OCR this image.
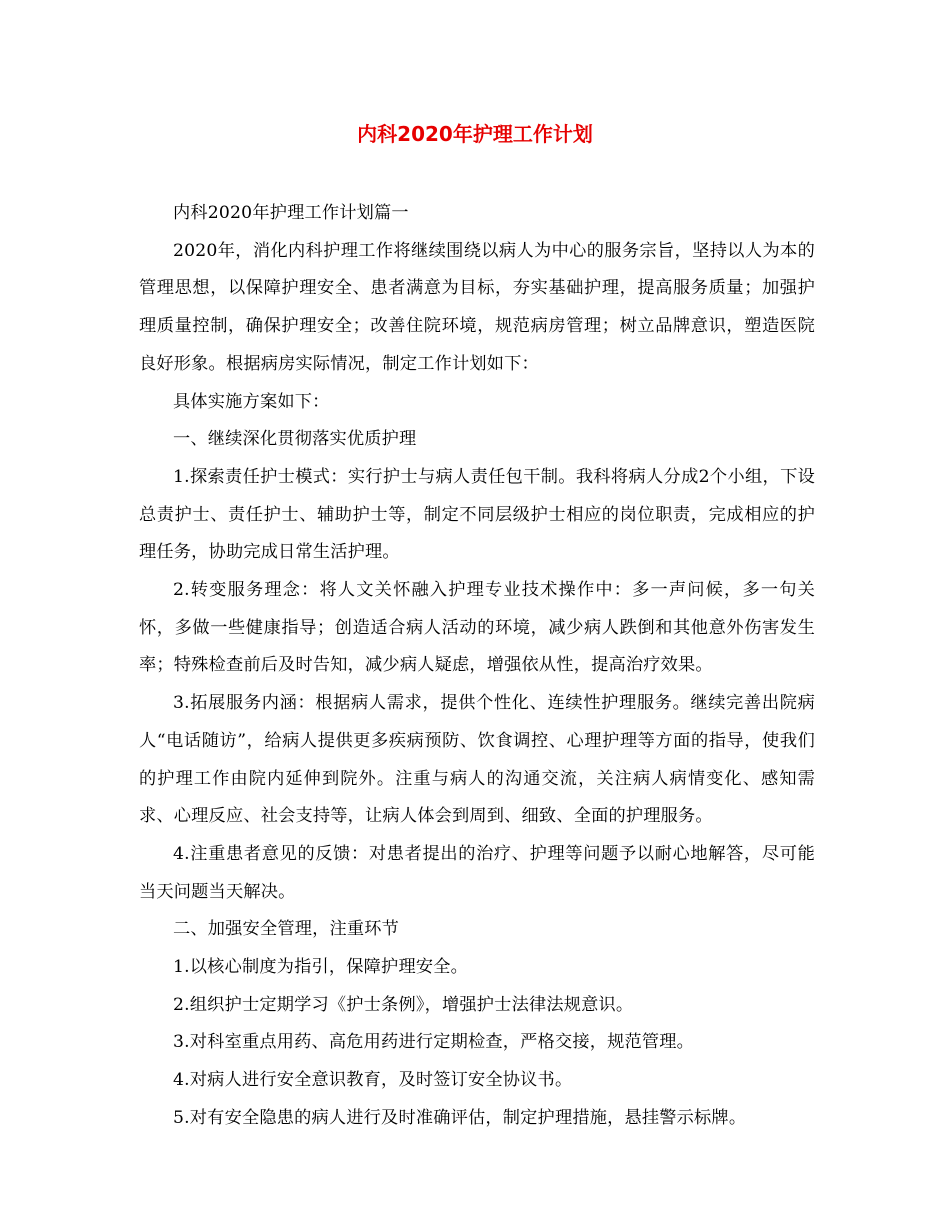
内科2020年护理工作计划

内科2020年护理工作计划篇一

2020年，消化内科护理工作将继续围绕以病人为中心的服务宗旨，坚持以人为本的管理思想，以保障护理安全、患者满意为目标，夯实基础护理，提高服务质量；加强护理质量控制，确保护理安全；改善住院环境，规范病房管理；树立品牌意识，塑造医院良好形象。根据病房实际情况，制定工作计划如下：

具体实施方案如下：

一、继续深化贯彻落实优质护理

1.探索责任护士模式：实行护士与病人责任包干制。我科将病人分成2个小组，下设总责护士、责任护士、辅助护士等，制定不同层级护士相应的岗位职责，完成相应的护理任务，协助完成日常生活护理。

2.转变服务理念：将人文关怀融入护理专业技术操作中：多一声问候，多一句关怀，多做一些健康指导；创造适合病人活动的环境，减少病人跌倒和其他意外伤害发生率；特殊检查前后及时告知，减少病人疑虑，增强依从性，提高治疗效果。

3.拓展服务内涵：根据病人需求，提供个性化、连续性护理服务。继续完善出院病人“电话随访”，给病人提供更多疾病预防、饮食调控、心理护理等方面的指导，使我们的护理工作由院内延伸到院外。注重与病人的沟通交流，关注病人病情变化、感知需求、心理反应、社会支持等，让病人体会到周到、细致、全面的护理服务。

4.注重患者意见的反馈：对患者提出的治疗、护理等问题予以耐心地解答，尽可能当天问题当天解决。

二、加强安全管理，注重环节

1.以核心制度为指引，保障护理安全。

2.组织护士定期学习《护士条例》，增强护士法律法规意识。

3.对科室重点用药、高危用药进行定期检查，严格交接，规范管理。

4.对病人进行安全意识教育，及时签订安全协议书。

5.对有安全隐患的病人进行及时准确评估，制定护理措施，悬挂警示标牌。
